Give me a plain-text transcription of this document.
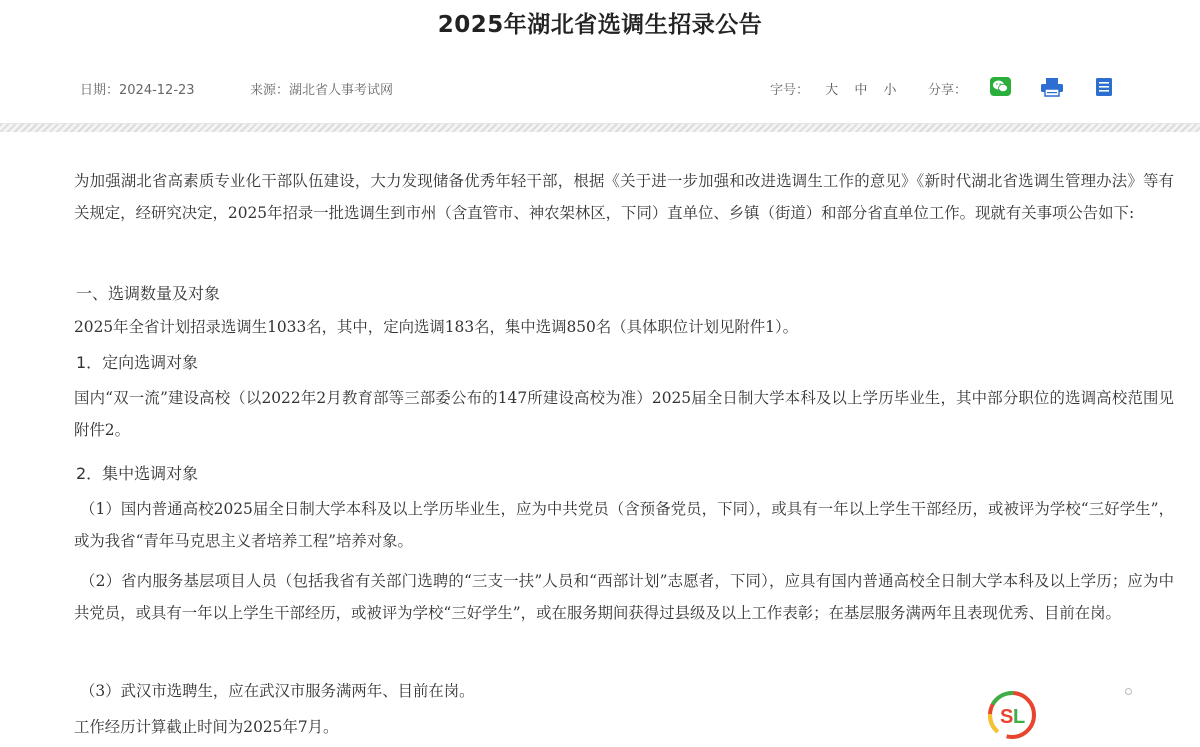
2025年湖北省选调生招录公告
日期：2024-12-23	来源：湖北省人事考试网	字号： 大 中 小 分享：
S L
为加强湖北省高素质专业化干部队伍建设，大力发现储备优秀年轻干部，根据《关于进一步加强和改进选调生工作的意见》《新时代湖北省选调生管理办法》等有关规定，经研究决定，2025年招录一批选调生到市州（含直管市、神农架林区，下同）直单位、乡镇（街道）和部分省直单位工作。现就有关事项公告如下:
一、选调数量及对象
2025年全省计划招录选调生1033名，其中，定向选调183名，集中选调850名（具体职位计划见附件1）。
1．定向选调对象
国内“双一流”建设高校（以2022年2月教育部等三部委公布的147所建设高校为准）2025届全日制大学本科及以上学历毕业生，其中部分职位的选调高校范围见附件2。
2．集中选调对象
（1）国内普通高校2025届全日制大学本科及以上学历毕业生，应为中共党员（含预备党员，下同），或具有一年以上学生干部经历，或被评为学校“三好学生”，或为我省“青年马克思主义者培养工程”培养对象。
（2）省内服务基层项目人员（包括我省有关部门选聘的“三支一扶”人员和“西部计划”志愿者，下同），应具有国内普通高校全日制大学本科及以上学历；应为中共党员，或具有一年以上学生干部经历，或被评为学校“三好学生”，或在服务期间获得过县级及以上工作表彰；在基层服务满两年且表现优秀、目前在岗。
（3）武汉市选聘生，应在武汉市服务满两年、目前在岗。
工作经历计算截止时间为2025年7月。
